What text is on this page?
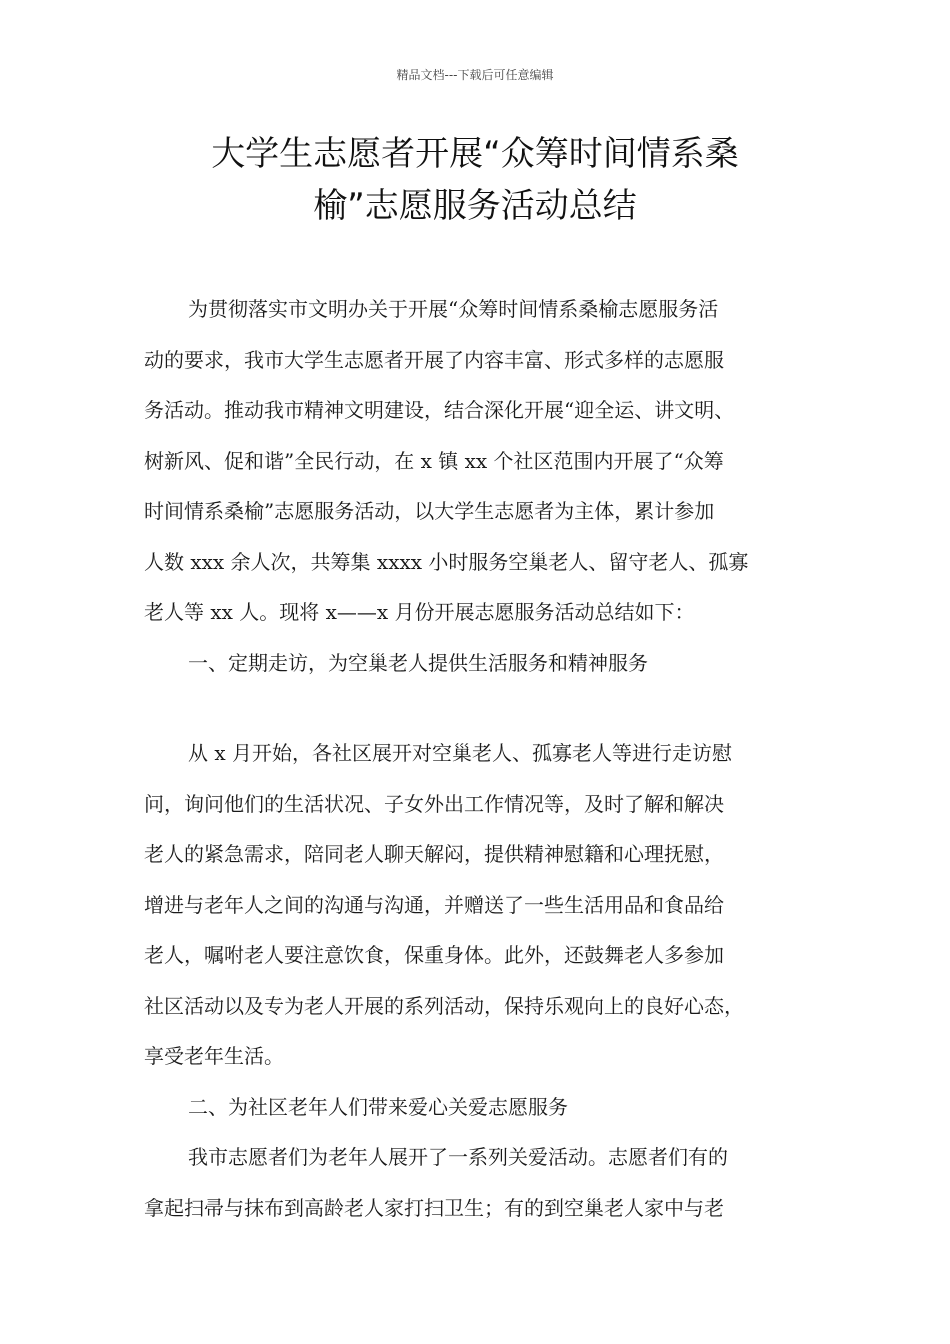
精品文档---下载后可任意编辑
大学生志愿者开展“众筹时间情系桑
榆”志愿服务活动总结
为贯彻落实市文明办关于开展“众筹时间情系桑榆志愿服务活
动的要求，我市大学生志愿者开展了内容丰富、形式多样的志愿服
务活动。推动我市精神文明建设，结合深化开展“迎全运、讲文明、
树新风、促和谐”全民行动，在 x 镇 xx 个社区范围内开展了“众筹
时间情系桑榆”志愿服务活动，以大学生志愿者为主体，累计参加
人数 xxx 余人次，共筹集 xxxx 小时服务空巢老人、留守老人、孤寡
老人等 xx 人。现将 x——x 月份开展志愿服务活动总结如下：
一、定期走访，为空巢老人提供生活服务和精神服务
从 x 月开始，各社区展开对空巢老人、孤寡老人等进行走访慰
问，询问他们的生活状况、子女外出工作情况等，及时了解和解决
老人的紧急需求，陪同老人聊天解闷，提供精神慰籍和心理抚慰，
增进与老年人之间的沟通与沟通，并赠送了一些生活用品和食品给
老人，嘱咐老人要注意饮食，保重身体。此外，还鼓舞老人多参加
社区活动以及专为老人开展的系列活动，保持乐观向上的良好心态，
享受老年生活。
二、为社区老年人们带来爱心关爱志愿服务
我市志愿者们为老年人展开了一系列关爱活动。志愿者们有的
拿起扫帚与抹布到高龄老人家打扫卫生；有的到空巢老人家中与老
